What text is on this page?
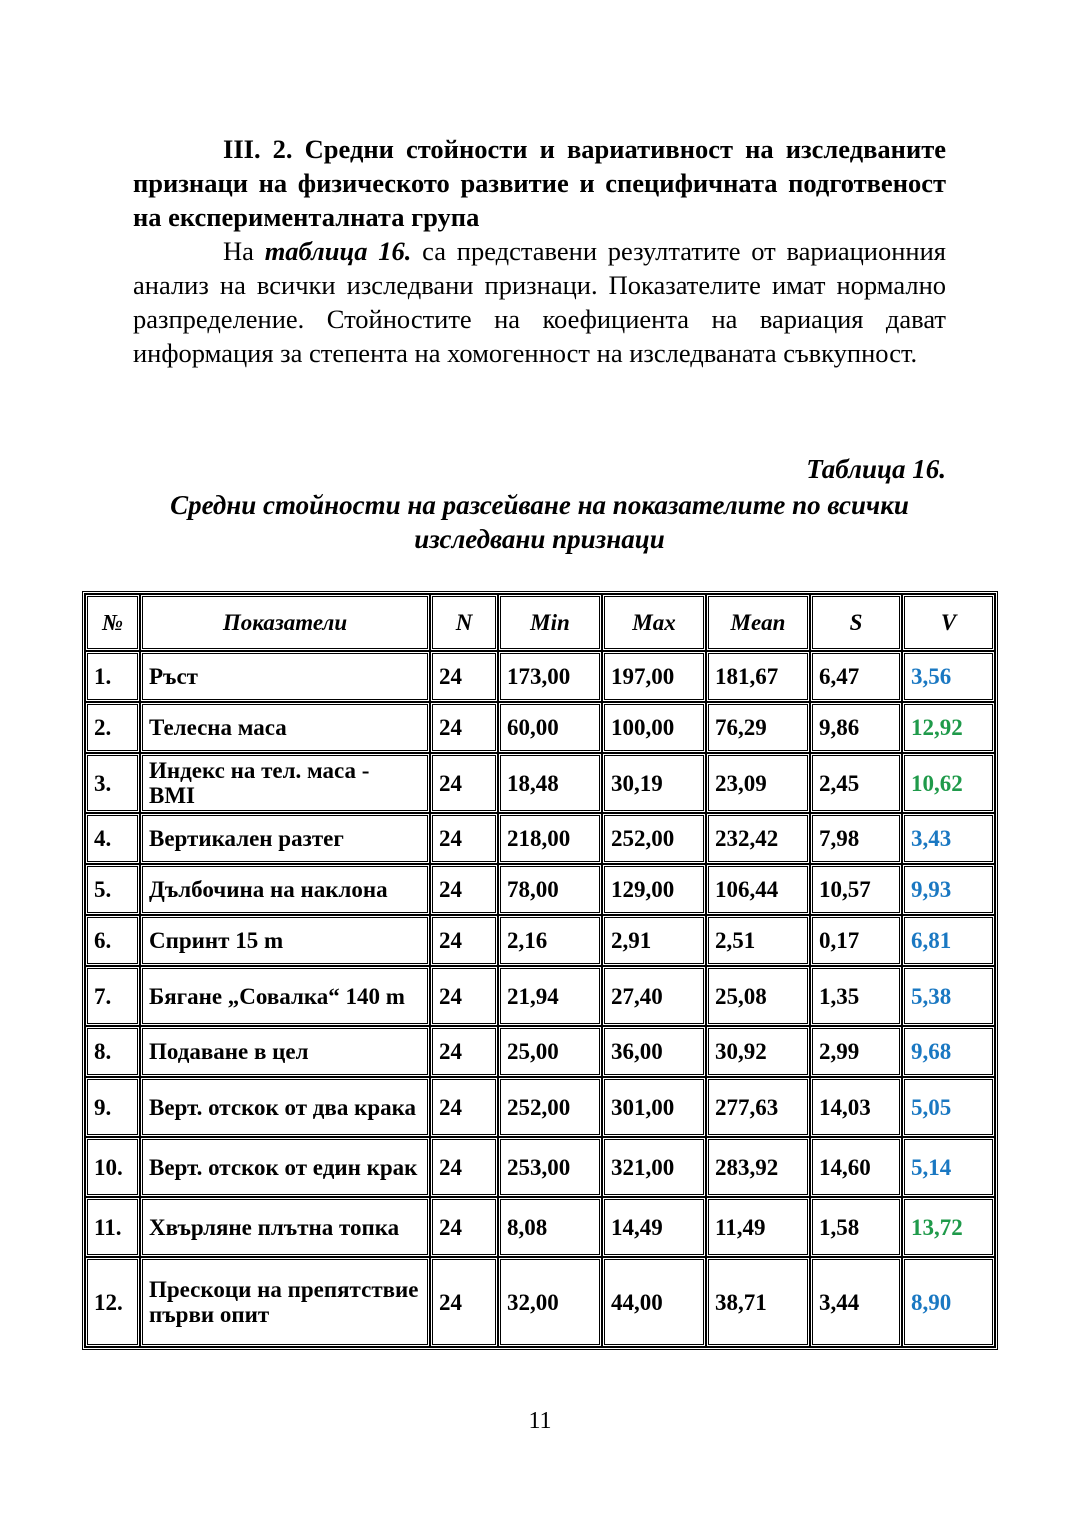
III. 2. Средни стойности и вариативност на изследваните признаци на физическото развитие и специфичната подготвеност на експерименталната група

На таблица 16. са представени резултатите от вариационния анализ на всички изследвани признаци. Показателите имат нормално разпределение. Стойностите на коефициента на вариация дават информация за степента на хомогенност на изследваната съвкупност.

Таблица 16.
Средни стойности на разсейване на показателите по всички изследвани признаци
№	Показатели	N	Min	Max	Mean	S	V
1.	Ръст	24	173,00	197,00	181,67	6,47	3,56
2.	Телесна маса	24	60,00	100,00	76,29	9,86	12,92
3.	Индекс на тел. маса - BMI	24	18,48	30,19	23,09	2,45	10,62
4.	Вертикален разтег	24	218,00	252,00	232,42	7,98	3,43
5.	Дълбочина на наклона	24	78,00	129,00	106,44	10,57	9,93
6.	Спринт 15 m	24	2,16	2,91	2,51	0,17	6,81
7.	Бягане „Совалка“ 140 m	24	21,94	27,40	25,08	1,35	5,38
8.	Подаване в цел	24	25,00	36,00	30,92	2,99	9,68
9.	Верт. отскок от два крака	24	252,00	301,00	277,63	14,03	5,05
10.	Верт. отскок от един крак	24	253,00	321,00	283,92	14,60	5,14
11.	Хвърляне плътна топка	24	8,08	14,49	11,49	1,58	13,72
12.	Прескоци на препятствие първи опит	24	32,00	44,00	38,71	3,44	8,90
11
